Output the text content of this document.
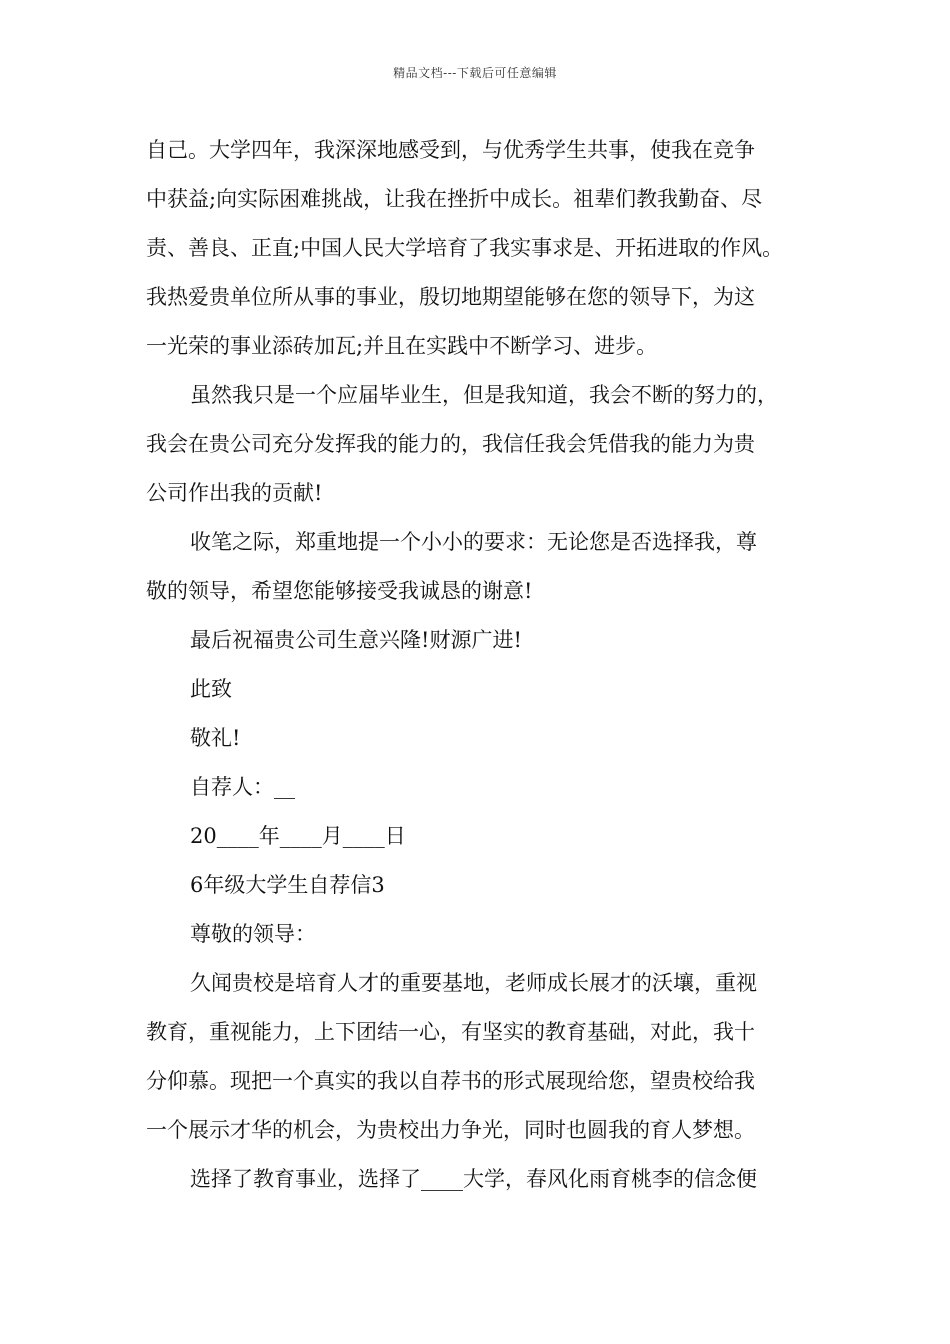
精品文档---下载后可任意编辑
自己。大学四年，我深深地感受到，与优秀学生共事，使我在竞争
中获益;向实际困难挑战，让我在挫折中成长。祖辈们教我勤奋、尽
责、善良、正直;中国人民大学培育了我实事求是、开拓进取的作风。
我热爱贵单位所从事的事业，殷切地期望能够在您的领导下，为这
一光荣的事业添砖加瓦;并且在实践中不断学习、进步。
虽然我只是一个应届毕业生，但是我知道，我会不断的努力的，
我会在贵公司充分发挥我的能力的，我信任我会凭借我的能力为贵
公司作出我的贡献!
收笔之际，郑重地提一个小小的要求：无论您是否选择我，尊
敬的领导，希望您能够接受我诚恳的谢意!
最后祝福贵公司生意兴隆!财源广进!
此致
敬礼!
自荐人：__
20____年____月____日
6年级大学生自荐信3
尊敬的领导：
久闻贵校是培育人才的重要基地，老师成长展才的沃壤，重视
教育，重视能力，上下团结一心，有坚实的教育基础，对此，我十
分仰慕。现把一个真实的我以自荐书的形式展现给您，望贵校给我
一个展示才华的机会，为贵校出力争光，同时也圆我的育人梦想。
选择了教育事业，选择了____大学，春风化雨育桃李的信念便
